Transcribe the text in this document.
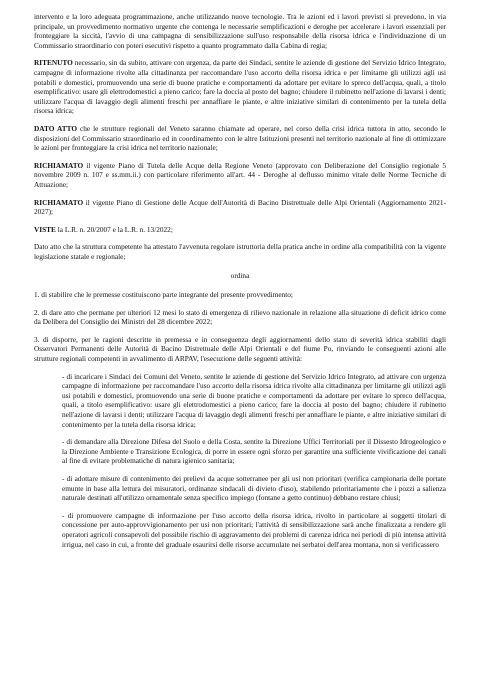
intervento e la loro adeguata programmazione, anche utilizzando nuove tecnologie. Tra le azioni ed i lavori previsti si prevedono, in via principale, un provvedimento normativo urgente che contenga le necessarie semplificazioni e deroghe per accelerare i lavori essenziali per fronteggiare la siccità, l'avvio di una campagna di sensibilizzazione sull'uso responsabile della risorsa idrica e l'individuazione di un Commissario straordinario con poteri esecutivi rispetto a quanto programmato dalla Cabina di regia;

RITENUTO necessario, sin da subito, attivare con urgenza, da parte dei Sindaci, sentite le aziende di gestione del Servizio Idrico Integrato, campagne di informazione rivolte alla cittadinanza per raccomandare l'uso accorto della risorsa idrica e per limitarne gli utilizzi agli usi potabili e domestici, promuovendo una serie di buone pratiche e comportamenti da adottare per evitare lo spreco dell'acqua, quali, a titolo esemplificativo: usare gli elettrodomestici a pieno carico; fare la doccia al posto del bagno; chiudere il rubinetto nell'azione di lavarsi i denti; utilizzare l'acqua di lavaggio degli alimenti freschi per annaffiare le piante, e altre iniziative similari di contenimento per la tutela della risorsa idrica;

DATO ATTO che le strutture regionali del Veneto saranno chiamate ad operare, nel corso della crisi idrica tuttora in atto, secondo le disposizioni del Commissario straordinario ed in coordinamento con le altre Istituzioni presenti nel territorio nazionale al fine di ottimizzare le azioni per fronteggiare la crisi idrica nel territorio nazionale;

RICHIAMATO il vigente Piano di Tutela delle Acque della Regione Veneto (approvato con Deliberazione del Consiglio regionale 5 novembre 2009 n. 107 e ss.mm.ii.) con particolare riferimento all'art. 44 - Deroghe al deflusso minimo vitale delle Norme Tecniche di Attuazione;

RICHIAMATO il vigente Piano di Gestione delle Acque dell'Autorità di Bacino Distrettuale delle Alpi Orientali (Aggiornamento 2021-2027);

VISTE la L.R. n. 20/2007 e la L.R. n. 13/2022;

Dato atto che la struttura competente ha attestato l'avvenuta regolare istruttoria della pratica anche in ordine alla compatibilità con la vigente legislazione statale e regionale;

ordina

1. di stabilire che le premesse costituiscono parte integrante del presente provvedimento;

2. di dare atto che permane per ulteriori 12 mesi lo stato di emergenza di rilievo nazionale in relazione alla situazione di deficit idrico come da Delibera del Consiglio dei Ministri del 28 dicembre 2022;

3. di disporre, per le ragioni descritte in premessa e in conseguenza degli aggiornamenti dello stato di severità idrica stabiliti dagli Osservatori Permanenti delle Autorità di Bacino Distrettuale delle Alpi Orientali e del fiume Po, rinviando le conseguenti azioni alle strutture regionali competenti in avvalimento di ARPAV, l'esecuzione delle seguenti attività:

- di incaricare i Sindaci dei Comuni del Veneto, sentite le aziende di gestione del Servizio Idrico Integrato, ad attivare con urgenza campagne di informazione per raccomandare l'uso accorto della risorsa idrica rivolte alla cittadinanza per limitarne gli utilizzi agli usi potabili e domestici, promuovendo una serie di buone pratiche e comportamenti da adottare per evitare lo spreco dell'acqua, quali, a titolo esemplificativo: usare gli elettrodomestici a pieno carico; fare la doccia al posto del bagno; chiudere il rubinetto nell'azione di lavarsi i denti; utilizzare l'acqua di lavaggio degli alimenti freschi per annaffiare le piante, e altre iniziative similari di contenimento per la tutela della risorsa idrica;

- di demandare alla Direzione Difesa del Suolo e della Costa, sentite la Direzione Uffici Territoriali per il Dissesto Idrogeologico e la Direzione Ambiente e Transizione Ecologica, di porre in essere ogni sforzo per garantire una sufficiente vivificazione dei canali al fine di evitare problematiche di natura igienico sanitaria;

- di adottare misure di contenimento dei prelievi da acque sotterranee per gli usi non prioritari (verifica campionaria delle portate emunte in base alla lettura dei misuratori, ordinanze sindacali di divieto d'uso), stabilendo prioritariamente che i pozzi a salienza naturale destinati all'utilizzo ornamentale senza specifico impiego (fontane a getto continuo) debbano restare chiusi;

- di promuovere campagne di informazione per l'uso accorto della risorsa idrica, rivolto in particolare ai soggetti titolari di concessione per auto-approvvigionamento per usi non prioritari; l'attività di sensibilizzazione sarà anche finalizzata a rendere gli operatori agricoli consapevoli del possibile rischio di aggravamento dei problemi di carenza idrica nei periodi di più intensa attività irrigua, nel caso in cui, a fronte del graduale esaurirsi delle risorse accumulate nei serbatoi dell'area montana, non si verificassero
